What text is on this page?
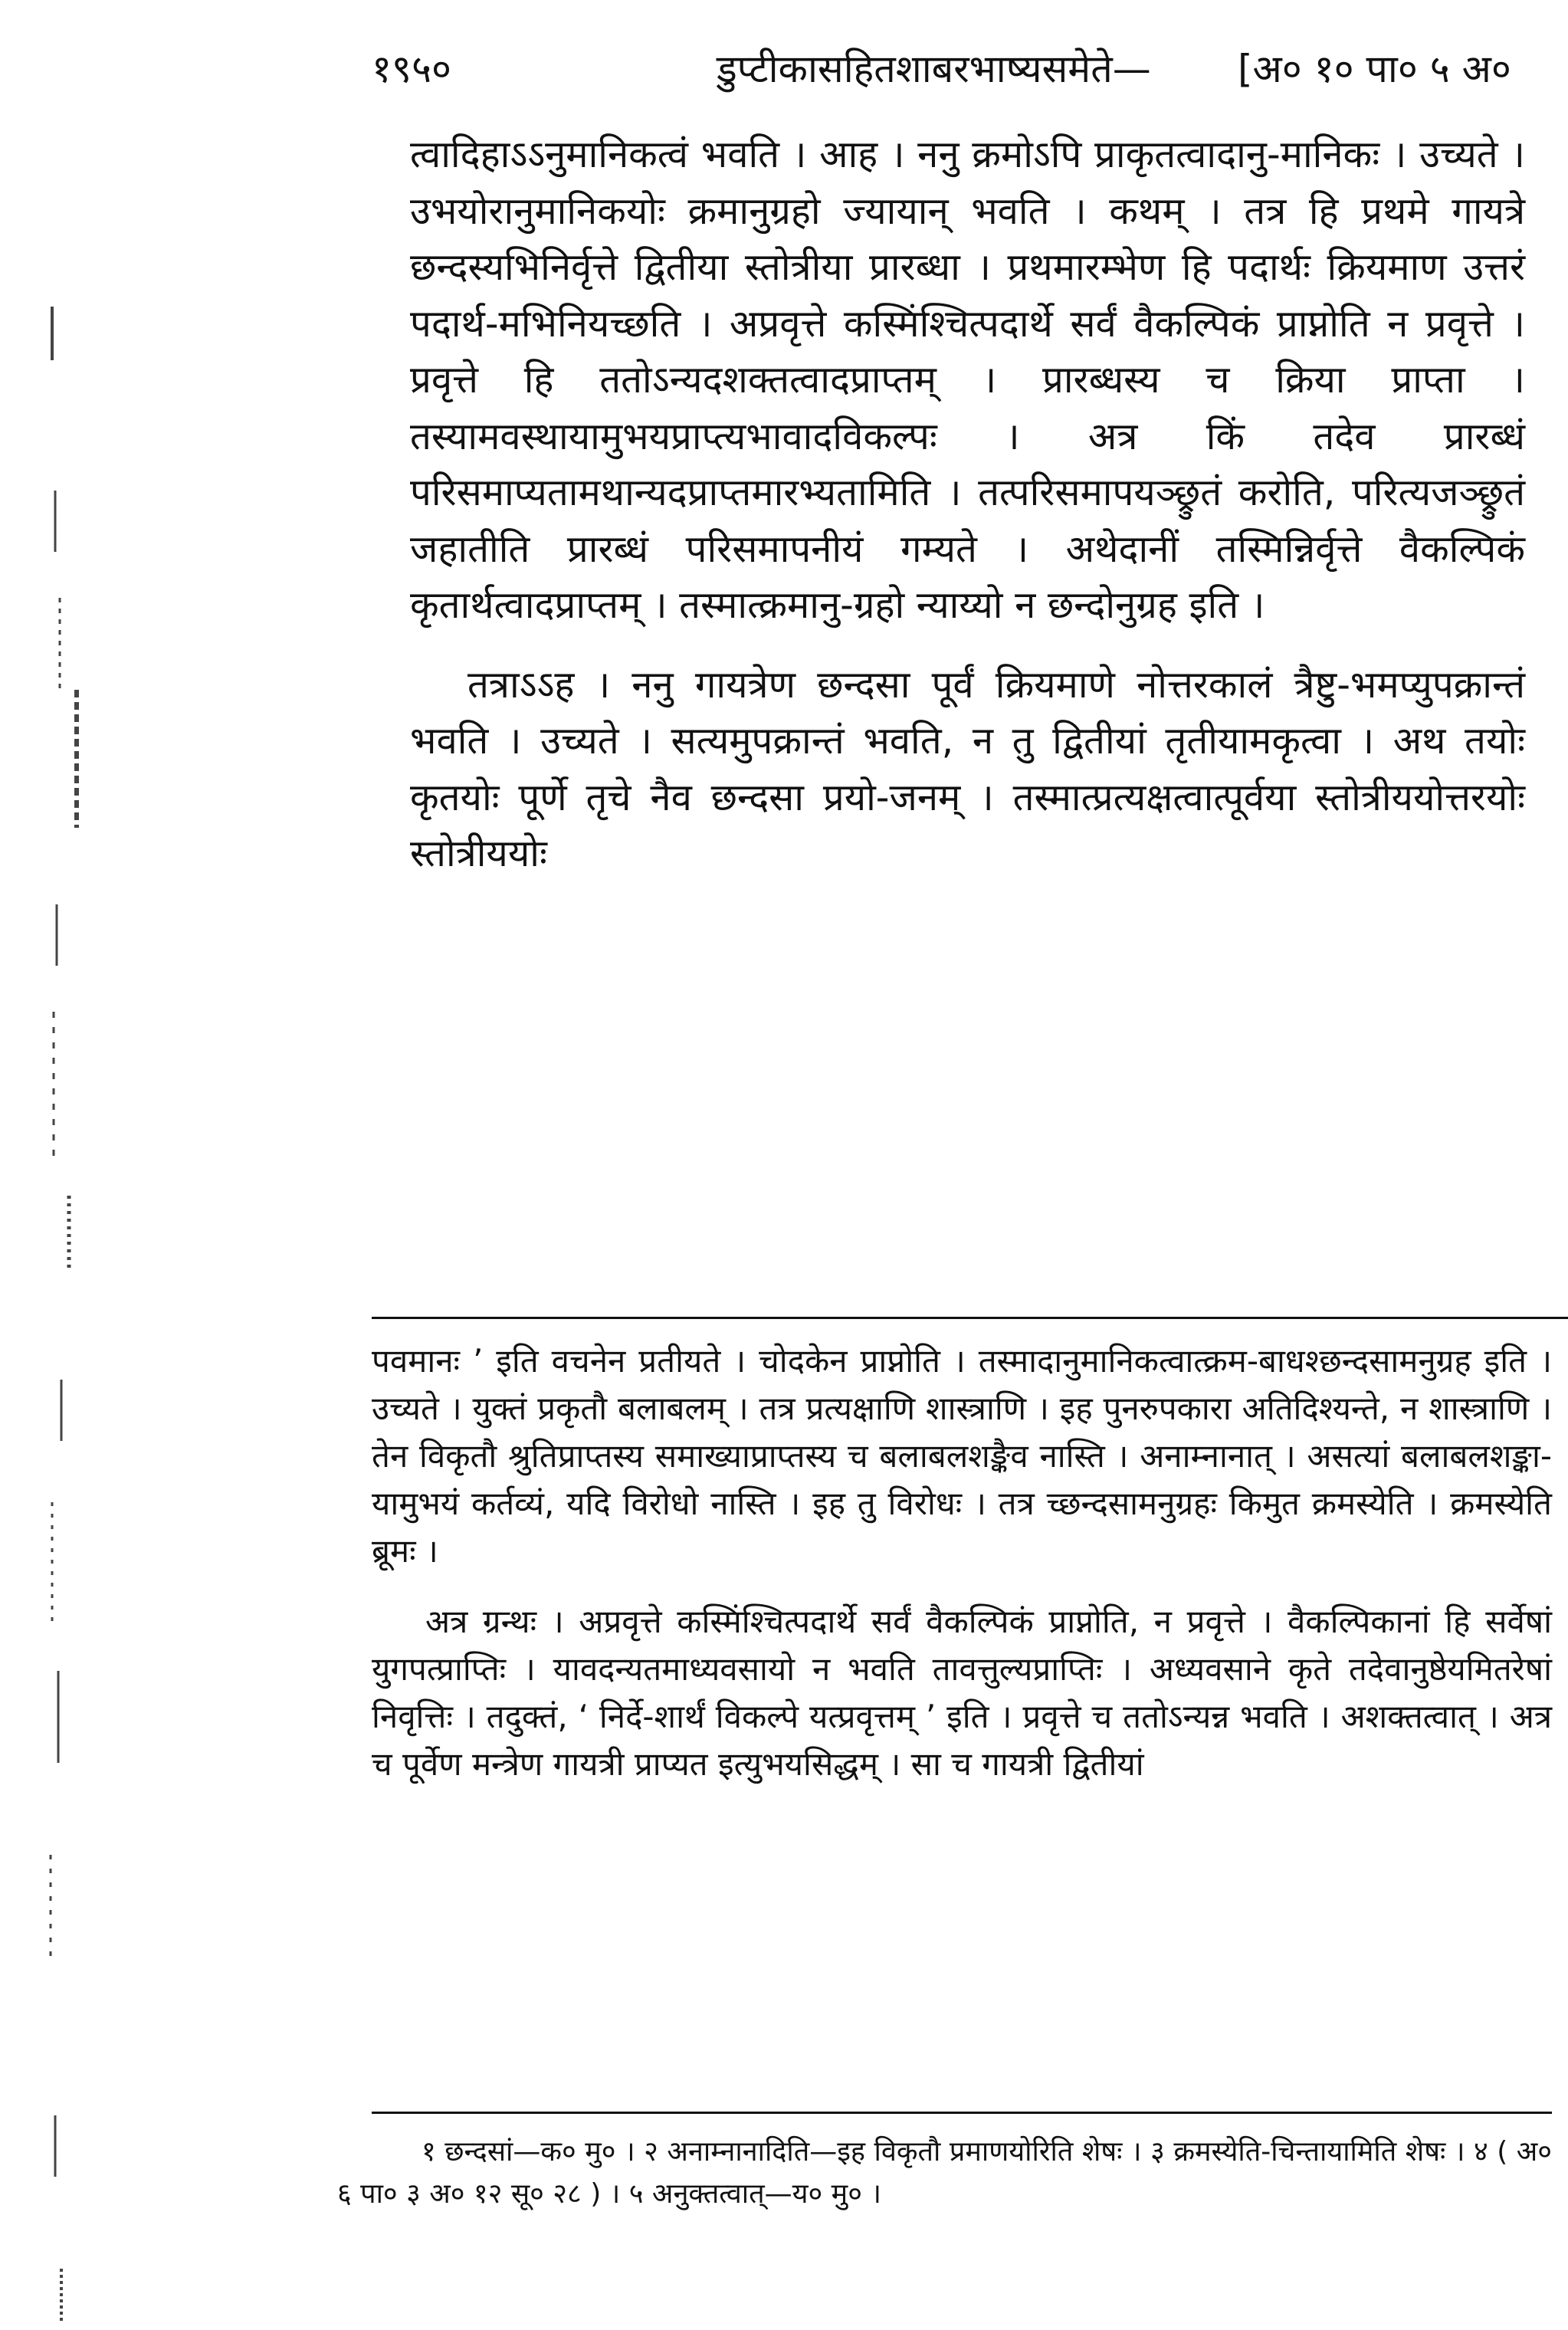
१९५०	डुप्टीकासहितशाबरभाष्यसमेते— [अ० १० पा० ५ अ०

त्वादिहाऽऽनुमानिकत्वं भवति । आह । ननु क्रमोऽपि प्राकृतत्वादानु-मानिकः । उच्यते । उभयोरानुमानिकयोः क्रमानुग्रहो ज्यायान् भवति । कथम् । तत्र हि प्रथमे गायत्रे छन्दस्यभिनिर्वृत्ते द्वितीया स्तोत्रीया प्रारब्धा । प्रथमारम्भेण हि पदार्थः क्रियमाण उत्तरं पदार्थ-मभिनियच्छति । अप्रवृत्ते कस्मिंश्चित्पदार्थे सर्वं वैकल्पिकं प्राप्नोति न प्रवृत्ते । प्रवृत्ते हि ततोऽन्यदशक्तत्वादप्राप्तम् । प्रारब्धस्य च क्रिया प्राप्ता । तस्यामवस्थायामुभयप्राप्त्यभावादविकल्पः । अत्र किं तदेव प्रारब्धं परिसमाप्यतामथान्यदप्राप्तमारभ्यतामिति । तत्परिसमापयञ्छ्रुतं करोति, परित्यजञ्छ्रुतं जहातीति प्रारब्धं परिसमापनीयं गम्यते । अथेदानीं तस्मिन्निर्वृत्ते वैकल्पिकं कृतार्थत्वादप्राप्तम् । तस्मात्क्रमानु-ग्रहो न्याय्यो न छन्दोनुग्रह इति ।

तत्राऽऽह । ननु गायत्रेण छन्दसा पूर्वं क्रियमाणे नोत्तरकालं त्रैष्टु-भमप्युपक्रान्तं भवति । उच्यते । सत्यमुपक्रान्तं भवति, न तु द्वितीयां तृतीयामकृत्वा । अथ तयोः कृतयोः पूर्णे तृचे नैव छन्दसा प्रयो-जनम् । तस्मात्प्रत्यक्षत्वात्पूर्वया स्तोत्रीययोत्तरयोः स्तोत्रीययोः

पवमानः ’ इति वचनेन प्रतीयते । चोदकेन प्राप्नोति । तस्मादानुमानिकत्वात्क्रम-बाधश्छन्दसामनुग्रह इति । उच्यते । युक्तं प्रकृतौ बलाबलम् । तत्र प्रत्यक्षाणि शास्त्राणि । इह पुनरुपकारा अतिदिश्यन्ते, न शास्त्राणि । तेन विकृतौ श्रुतिप्राप्तस्य समाख्याप्राप्तस्य च बलाबलशङ्कैव नास्ति । अनाम्नानात् । असत्यां बलाबलशङ्का-यामुभयं कर्तव्यं, यदि विरोधो नास्ति । इह तु विरोधः । तत्र च्छन्दसामनुग्रहः किमुत क्रमस्येति । क्रमस्येति ब्रूमः ।

अत्र ग्रन्थः । अप्रवृत्ते कस्मिंश्चित्पदार्थे सर्वं वैकल्पिकं प्राप्नोति, न प्रवृत्ते । वैकल्पिकानां हि सर्वेषां युगपत्प्राप्तिः । यावदन्यतमाध्यवसायो न भवति तावत्तुल्यप्राप्तिः । अध्यवसाने कृते तदेवानुष्ठेयमितरेषां निवृत्तिः । तदुक्तं, ‘ निर्दे-शार्थं विकल्पे यत्प्रवृत्तम् ’ इति । प्रवृत्ते च ततोऽन्यन्न भवति । अशक्तत्वात् । अत्र च पूर्वेण मन्त्रेण गायत्री प्राप्यत इत्युभयसिद्धम् । सा च गायत्री द्वितीयां

१ छन्दसां—क० मु० । २ अनाम्नानादिति—इह विकृतौ प्रमाणयोरिति शेषः । ३ क्रमस्येति-चिन्तायामिति शेषः । ४ ( अ० ६ पा० ३ अ० १२ सू० २८ ) । ५ अनुक्तत्वात्—य० मु० ।
